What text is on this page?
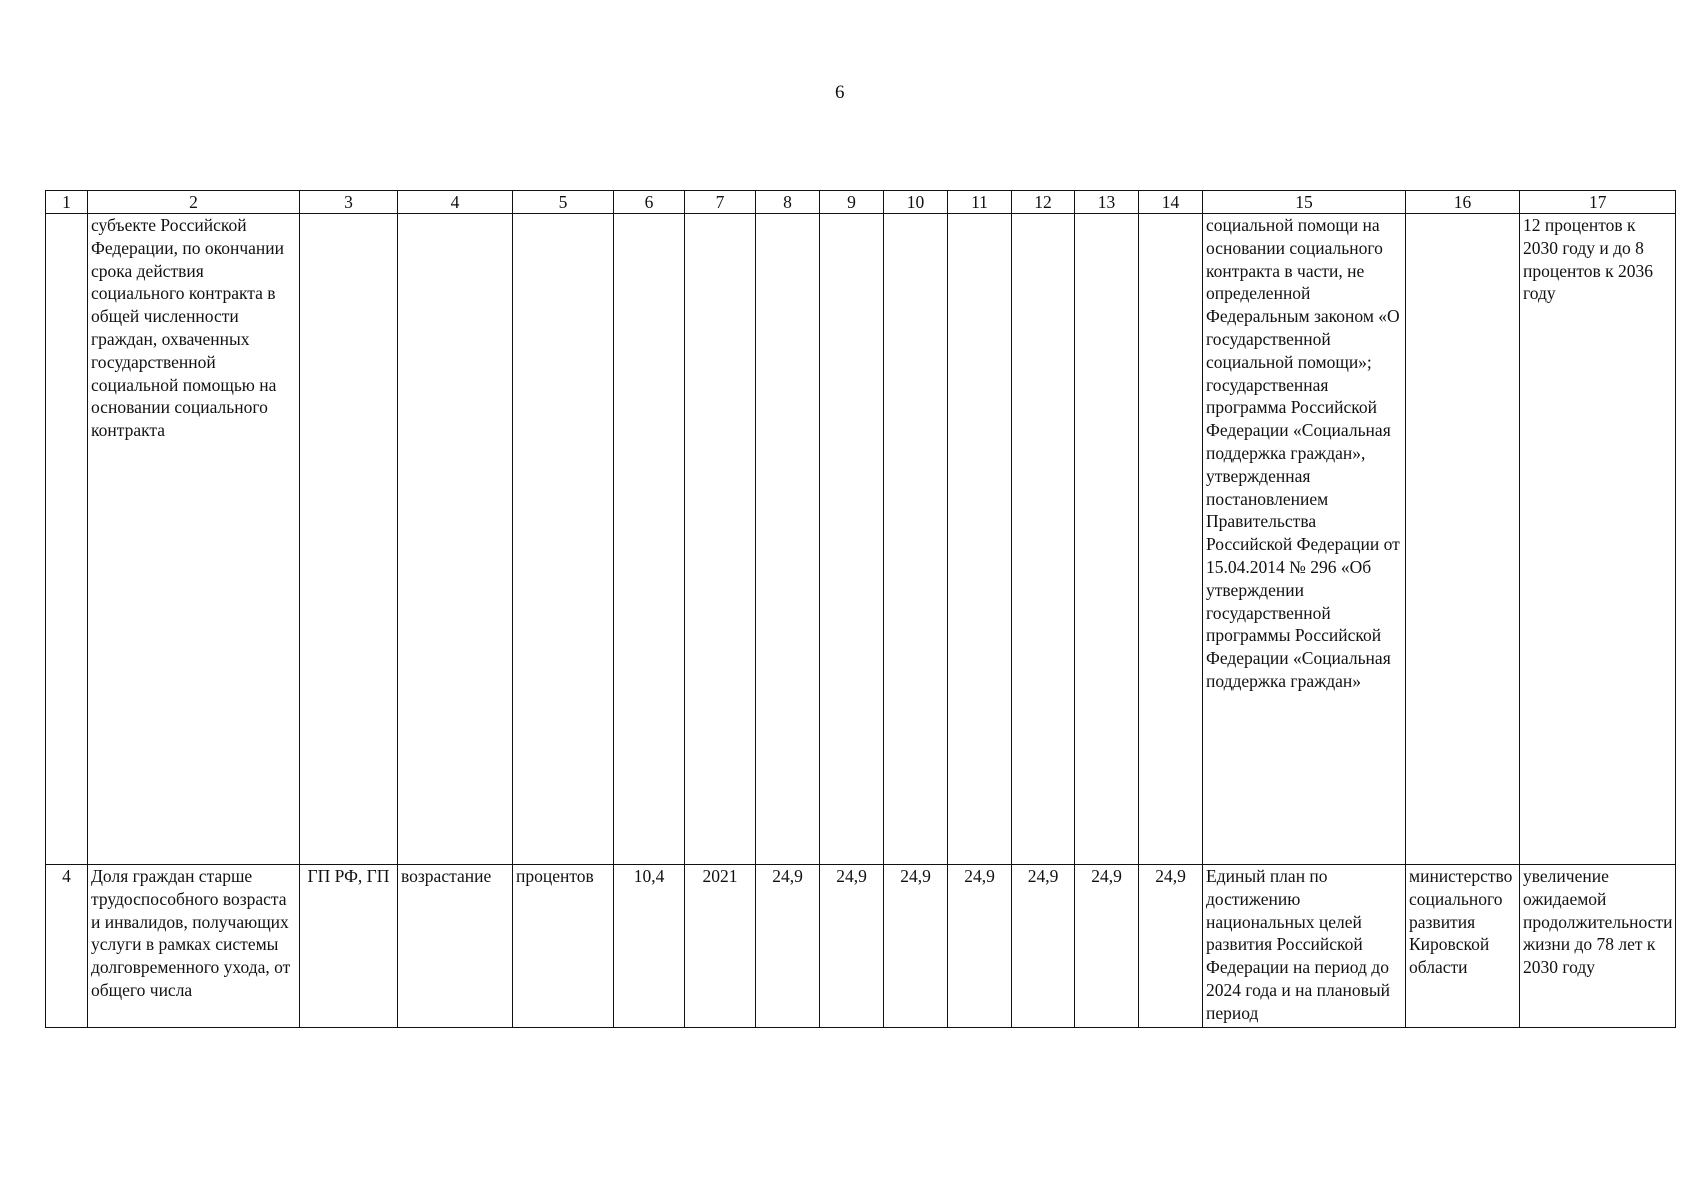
6
1	2	3	4	5	6	7	8	9	10	11	12	13	14	15	16	17
	субъекте Российской Федерации, по окончании срока действия социального контракта в общей численности граждан, охваченных государственной социальной помощью на основании социального контракта													социальной помощи на основании социального контракта в части, не определенной Федеральным законом «О государственной социальной помощи»; государственная программа Российской Федерации «Социальная поддержка граждан», утвержденная постановлением Правительства Российской Федерации от 15.04.2014 № 296 «Об утверждении государственной программы Российской Федерации «Социальная поддержка граждан»		12 процентов к 2030 году и до 8 процентов к 2036 году
4	Доля граждан старше трудоспособного возраста и инвалидов, получающих услуги в рамках системы долговременного ухода, от общего числа	ГП РФ, ГП	возрастание	процентов	10,4	2021	24,9	24,9	24,9	24,9	24,9	24,9	24,9	Единый план по достижению национальных целей развития Российской Федерации на период до 2024 года и на плановый период	министерство социального развития Кировской области	увеличение ожидаемой продолжительности жизни до 78 лет к 2030 году
